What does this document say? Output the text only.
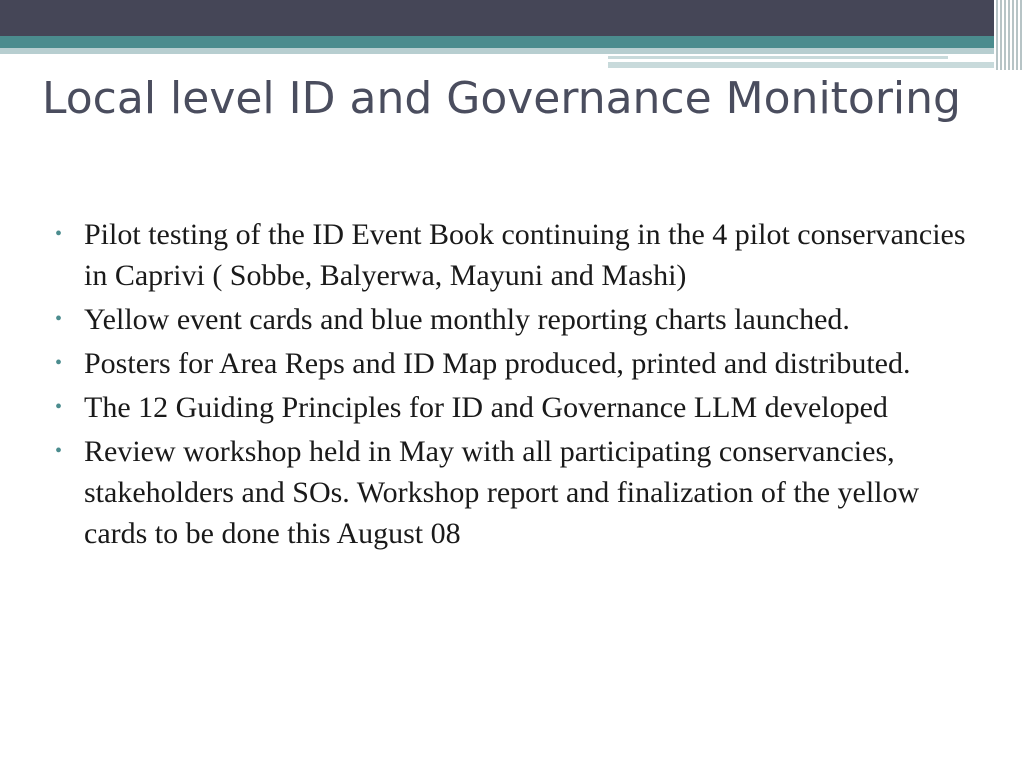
Local level ID and Governance Monitoring
• Pilot testing of the ID Event Book continuing in the 4 pilot conservancies in Caprivi ( Sobbe, Balyerwa, Mayuni and Mashi)
• Yellow event cards and blue monthly reporting charts launched.
• Posters for Area Reps and ID Map produced, printed and distributed.
• The 12 Guiding Principles for ID and Governance LLM developed
• Review workshop held in May with all participating conservancies, stakeholders and SOs. Workshop report and finalization of the yellow cards to be done this August 08
